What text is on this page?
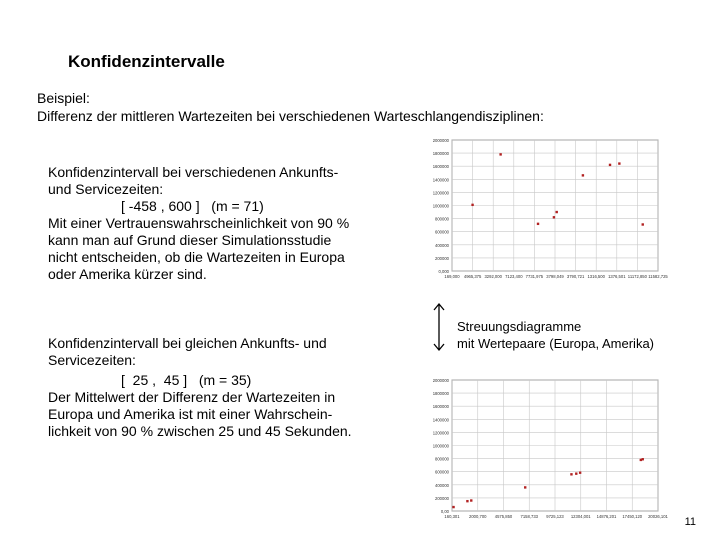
Konfidenzintervalle
Beispiel:
Differenz der mittleren Wartezeiten bei verschiedenen Warteschlangendisziplinen:
Konfidenzintervall bei verschiedenen Ankunfts-
und Servicezeiten:
[ -458 , 600 ]   (m = 71)
Mit einer Vertrauenswahrscheinlichkeit von 90 %
kann man auf Grund dieser Simulationsstudie
nicht entscheiden, ob die Wartezeiten in Europa
oder Amerika kürzer sind.
Konfidenzintervall bei gleichen Ankunfts- und
Servicezeiten:
[  25 ,  45 ]   (m = 35)
Der Mittelwert der Differenz der Wartezeiten in
Europa und Amerika ist mit einer Wahrschein-
lichkeit von 90 % zwischen 25 und 45 Sekunden.
Streuungsdiagramme
mit Wertepaare (Europa, Amerika)
0,000
200000
400000
600000
800000
1000000
1200000
1400000
1600000
1800000
2000000
169,000 4965,375 3292,000 7123,400 7731,975 3798,049 3790,721 1316,500 1376,501 11172,850 11582,725
0,00
200000
400000
600000
800000
1000000
1200000
1400000
1600000
1800000
2000000
160,301 2000,700 4575,850 7158,733 9725,123 12304,001 14876,201 17450,120 20026,101 11
